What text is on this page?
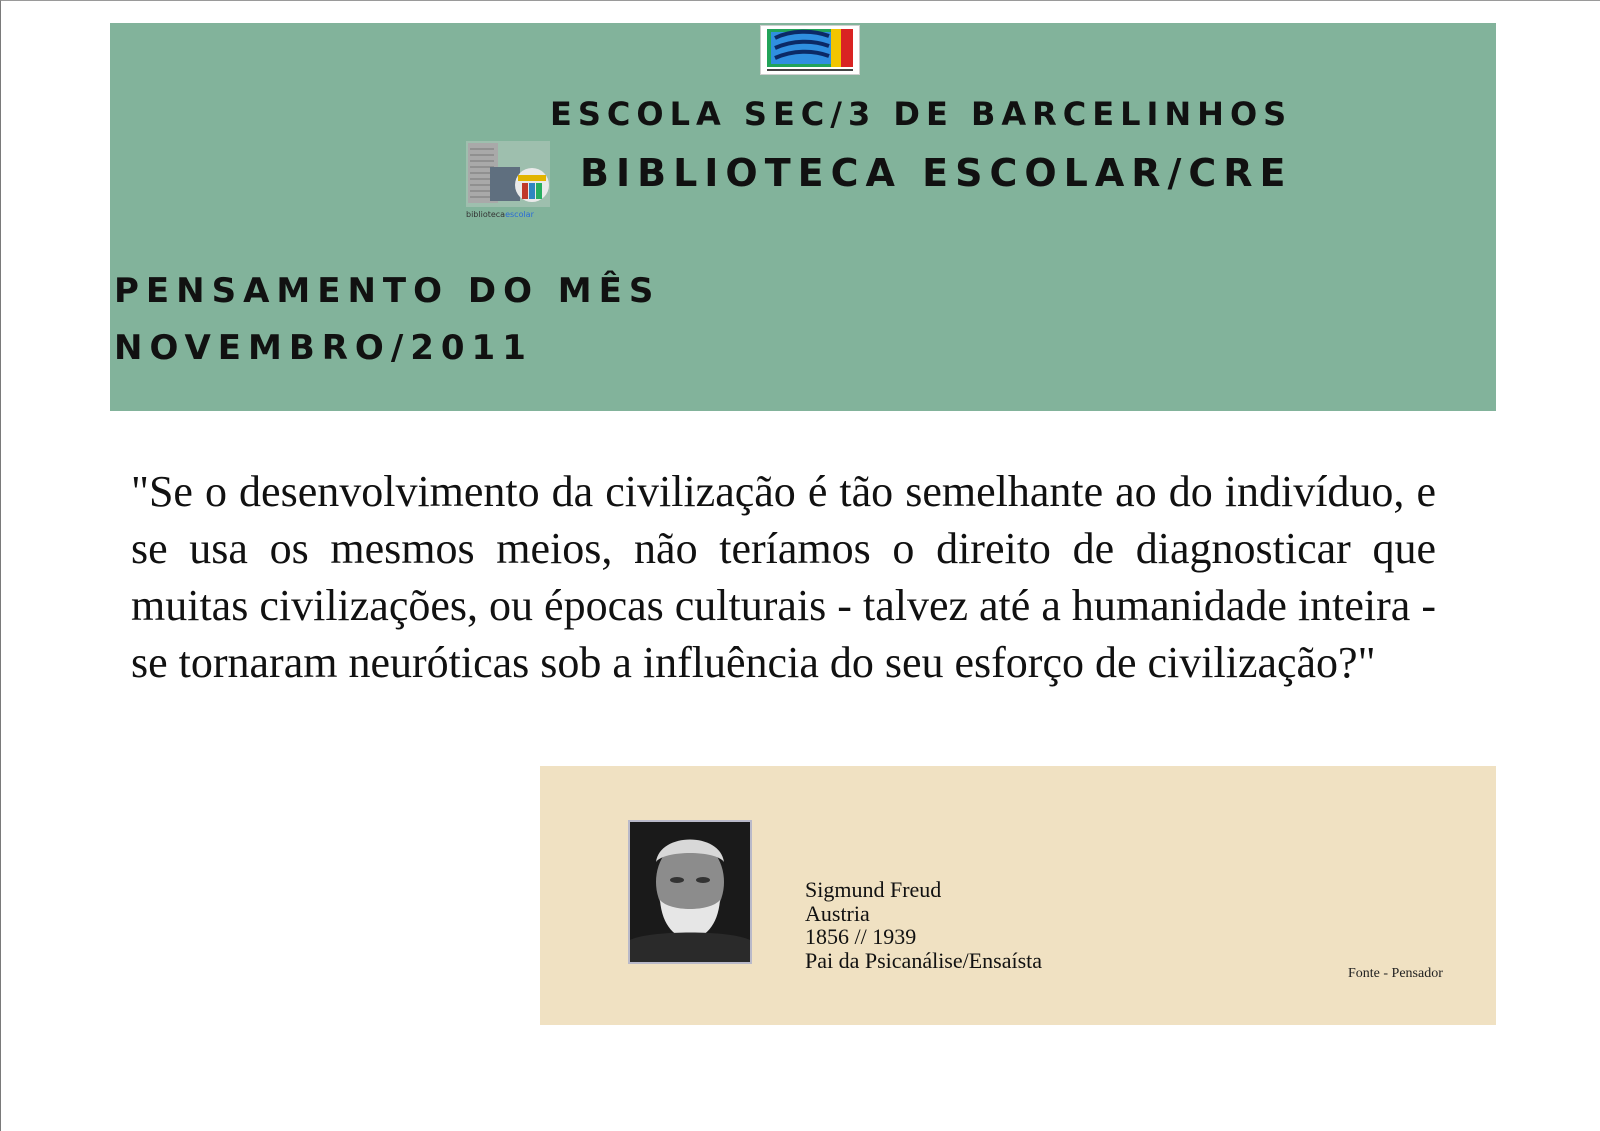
ESCOLA SEC/3 DE BARCELINHOS
bibliotecaescolar
BIBLIOTECA ESCOLAR/CRE
PENSAMENTO DO MÊS
NOVEMBRO/2011

"Se o desenvolvimento da civilização é tão semelhante ao do indivíduo, e se usa os mesmos meios, não teríamos o direito de diagnosticar que muitas civilizações, ou épocas culturais - talvez até a humanidade inteira - se tornaram neuróticas sob a influência do seu esforço de civilização?"

Sigmund Freud
Austria
1856 // 1939
Pai da Psicanálise/Ensaísta
Fonte - Pensador
